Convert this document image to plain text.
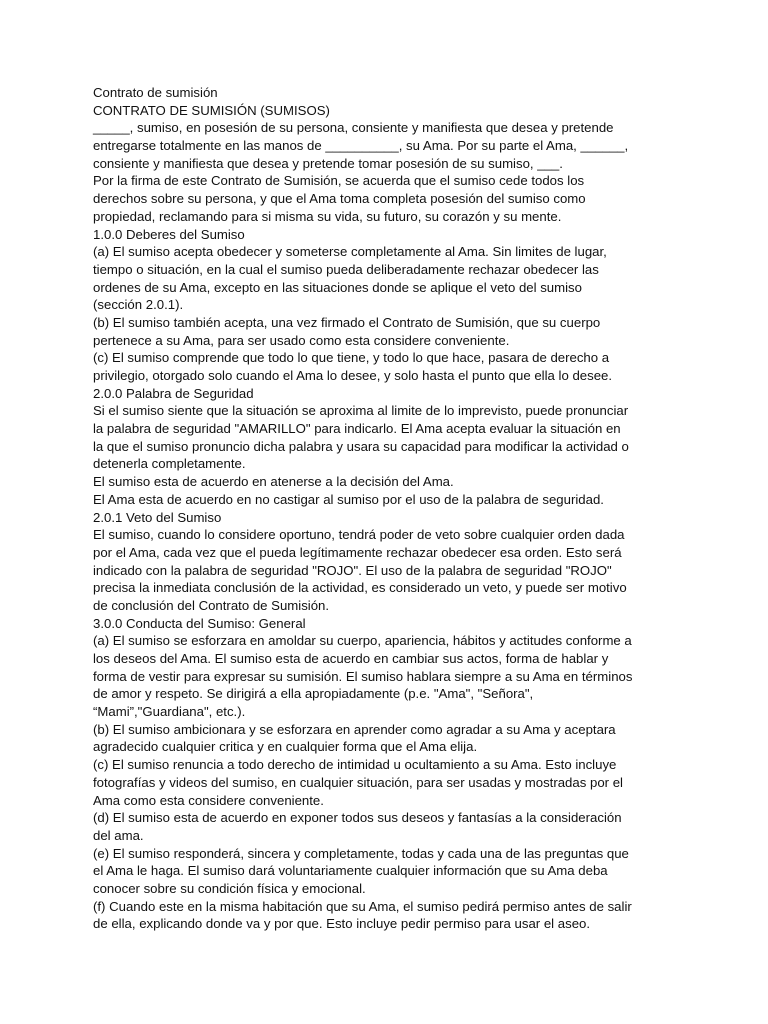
Contrato de sumisión
CONTRATO DE SUMISIÓN (SUMISOS)
_____, sumiso, en posesión de su persona, consiente y manifiesta que desea y pretende
entregarse totalmente en las manos de __________, su Ama. Por su parte el Ama, ______,
consiente y manifiesta que desea y pretende tomar posesión de su sumiso, ___.
Por la firma de este Contrato de Sumisión, se acuerda que el sumiso cede todos los
derechos sobre su persona, y que el Ama toma completa posesión del sumiso como
propiedad, reclamando para si misma su vida, su futuro, su corazón y su mente.
1.0.0 Deberes del Sumiso
(a) El sumiso acepta obedecer y someterse completamente al Ama. Sin limites de lugar,
tiempo o situación, en la cual el sumiso pueda deliberadamente rechazar obedecer las
ordenes de su Ama, excepto en las situaciones donde se aplique el veto del sumiso
(sección 2.0.1).
(b) El sumiso también acepta, una vez firmado el Contrato de Sumisión, que su cuerpo
pertenece a su Ama, para ser usado como esta considere conveniente.
(c) El sumiso comprende que todo lo que tiene, y todo lo que hace, pasara de derecho a
privilegio, otorgado solo cuando el Ama lo desee, y solo hasta el punto que ella lo desee.
2.0.0 Palabra de Seguridad
Si el sumiso siente que la situación se aproxima al limite de lo imprevisto, puede pronunciar
la palabra de seguridad "AMARILLO" para indicarlo. El Ama acepta evaluar la situación en
la que el sumiso pronuncio dicha palabra y usara su capacidad para modificar la actividad o
detenerla completamente.
El sumiso esta de acuerdo en atenerse a la decisión del Ama.
El Ama esta de acuerdo en no castigar al sumiso por el uso de la palabra de seguridad.
2.0.1 Veto del Sumiso
El sumiso, cuando lo considere oportuno, tendrá poder de veto sobre cualquier orden dada
por el Ama, cada vez que el pueda legítimamente rechazar obedecer esa orden. Esto será
indicado con la palabra de seguridad "ROJO". El uso de la palabra de seguridad "ROJO"
precisa la inmediata conclusión de la actividad, es considerado un veto, y puede ser motivo
de conclusión del Contrato de Sumisión.
3.0.0 Conducta del Sumiso: General
(a) El sumiso se esforzara en amoldar su cuerpo, apariencia, hábitos y actitudes conforme a
los deseos del Ama. El sumiso esta de acuerdo en cambiar sus actos, forma de hablar y
forma de vestir para expresar su sumisión. El sumiso hablara siempre a su Ama en términos
de amor y respeto. Se dirigirá a ella apropiadamente (p.e. "Ama", "Señora",
“Mami”,"Guardiana", etc.).
(b) El sumiso ambicionara y se esforzara en aprender como agradar a su Ama y aceptara
agradecido cualquier critica y en cualquier forma que el Ama elija.
(c) El sumiso renuncia a todo derecho de intimidad u ocultamiento a su Ama. Esto incluye
fotografías y videos del sumiso, en cualquier situación, para ser usadas y mostradas por el
Ama como esta considere conveniente.
(d) El sumiso esta de acuerdo en exponer todos sus deseos y fantasías a la consideración
del ama.
(e) El sumiso responderá, sincera y completamente, todas y cada una de las preguntas que
el Ama le haga. El sumiso dará voluntariamente cualquier información que su Ama deba
conocer sobre su condición física y emocional.
(f) Cuando este en la misma habitación que su Ama, el sumiso pedirá permiso antes de salir
de ella, explicando donde va y por que. Esto incluye pedir permiso para usar el aseo.
